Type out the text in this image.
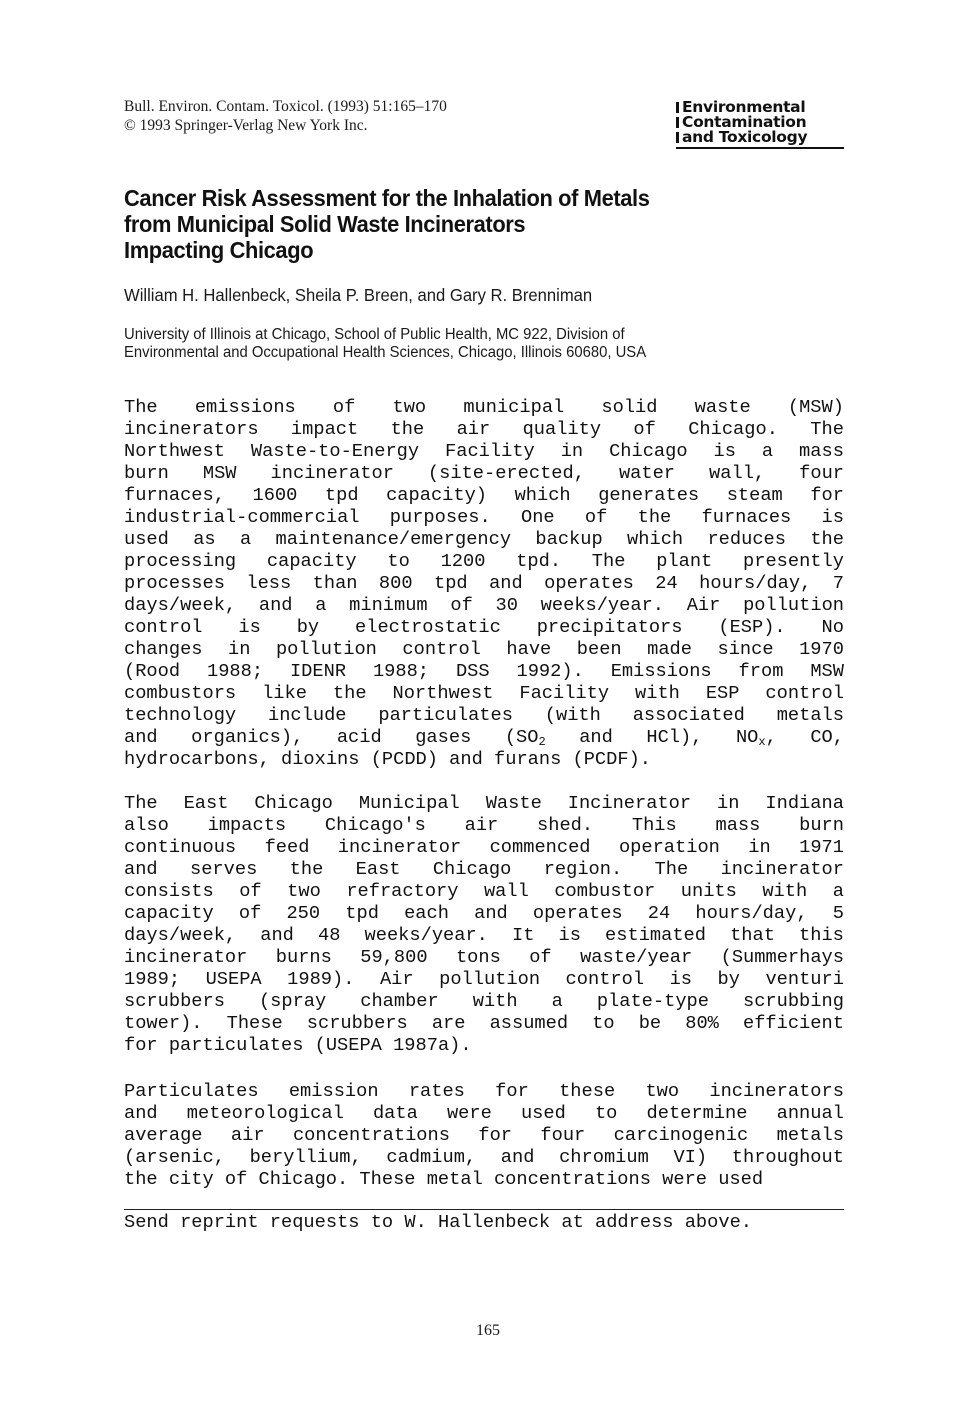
Bull. Environ. Contam. Toxicol. (1993) 51:165–170
© 1993 Springer-Verlag New York Inc.
Environmental
Contamination
and Toxicology
Cancer Risk Assessment for the Inhalation of Metals
from Municipal Solid Waste Incinerators
Impacting Chicago
William H. Hallenbeck, Sheila P. Breen, and Gary R. Brenniman
University of Illinois at Chicago, School of Public Health, MC 922, Division of
Environmental and Occupational Health Sciences, Chicago, Illinois 60680, USA
The emissions of two municipal solid waste (MSW)
incinerators impact the air quality of Chicago. The
Northwest Waste-to-Energy Facility in Chicago is a mass
burn MSW incinerator (site-erected, water wall, four
furnaces, 1600 tpd capacity) which generates steam for
industrial-commercial purposes. One of the furnaces is
used as a maintenance/emergency backup which reduces the
processing capacity to 1200 tpd. The plant presently
processes less than 800 tpd and operates 24 hours/day, 7
days/week, and a minimum of 30 weeks/year. Air pollution
control is by electrostatic precipitators (ESP). No
changes in pollution control have been made since 1970
(Rood 1988; IDENR 1988; DSS 1992). Emissions from MSW
combustors like the Northwest Facility with ESP control
technology include particulates (with associated metals
and organics), acid gases ($SO_2$ and HCl), $NO_x$, CO,
hydrocarbons, dioxins (PCDD) and furans (PCDF).
The East Chicago Municipal Waste Incinerator in Indiana
also impacts Chicago's air shed. This mass burn
continuous feed incinerator commenced operation in 1971
and serves the East Chicago region. The incinerator
consists of two refractory wall combustor units with a
capacity of 250 tpd each and operates 24 hours/day, 5
days/week, and 48 weeks/year. It is estimated that this
incinerator burns 59,800 tons of waste/year (Summerhays
1989; USEPA 1989). Air pollution control is by venturi
scrubbers (spray chamber with a plate-type scrubbing
tower). These scrubbers are assumed to be 80% efficient
for particulates (USEPA 1987a).
Particulates emission rates for these two incinerators
and meteorological data were used to determine annual
average air concentrations for four carcinogenic metals
(arsenic, beryllium, cadmium, and chromium VI) throughout
the city of Chicago. These metal concentrations were used
Send reprint requests to W. Hallenbeck at address above.
165
